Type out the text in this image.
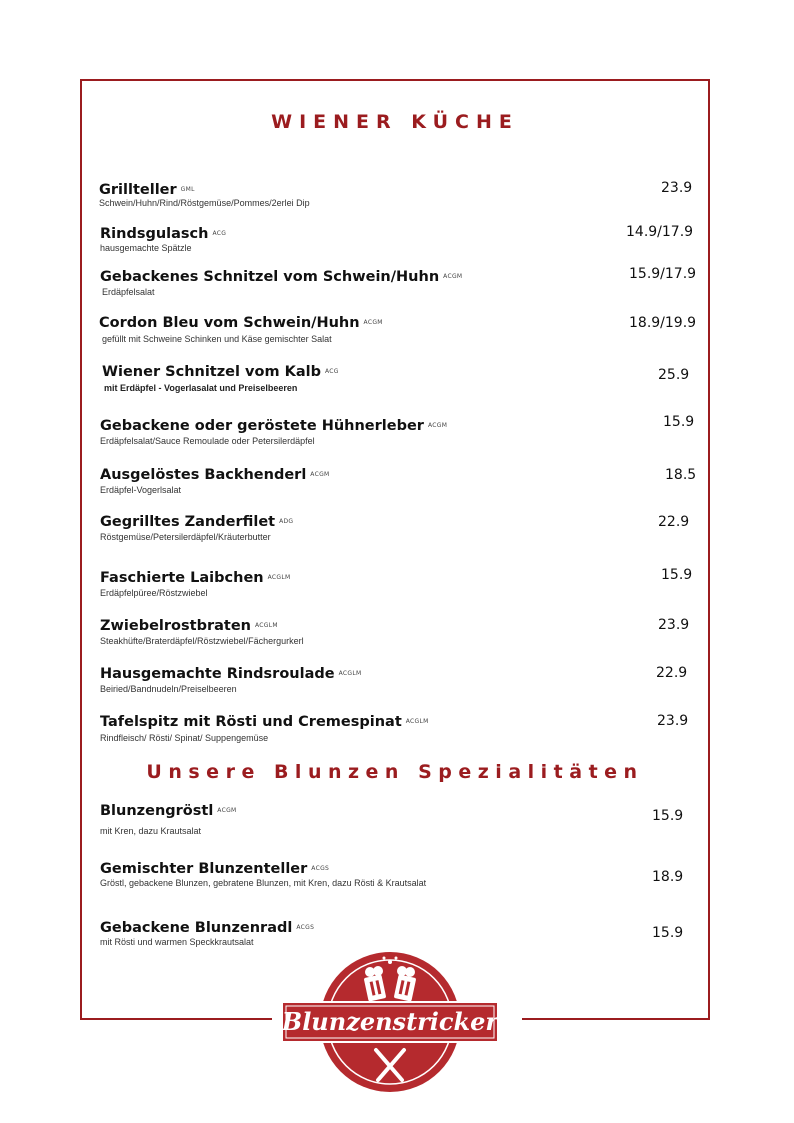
WIENER KÜCHE
Grillteller $^{GML}$
Schwein/Huhn/Rind/Röstgemüse/Pommes/2erlei Dip
23.9
Rindsgulasch $^{ACG}$
hausgemachte Spätzle
14.9/17.9
Gebackenes Schnitzel vom Schwein/Huhn $^{ACGM}$
Erdäpfelsalat
15.9/17.9
Cordon Bleu vom Schwein/Huhn $^{ACGM}$
gefüllt mit Schweine Schinken und Käse gemischter Salat
18.9/19.9
Wiener Schnitzel vom Kalb $^{ACG}$
mit Erdäpfel - Vogerlasalat und Preiselbeeren
25.9
Gebackene oder geröstete Hühnerleber $^{ACGM}$
Erdäpfelsalat/Sauce Remoulade oder Petersilerdäpfel
15.9
Ausgelöstes Backhenderl $^{ACGM}$
Erdäpfel-Vogerlsalat
18.5
Gegrilltes Zanderfilet $^{ADG}$
Röstgemüse/Petersilerdäpfel/Kräuterbutter
22.9
Faschierte Laibchen $^{ACGLM}$
Erdäpfelpüree/Röstzwiebel
15.9
Zwiebelrostbraten $^{ACGLM}$
Steakhüfte/Braterdäpfel/Röstzwiebel/Fächergurkerl
23.9
Hausgemachte Rindsroulade $^{ACGLM}$
Beiried/Bandnudeln/Preiselbeeren
22.9
Tafelspitz mit Rösti und Cremespinat $^{ACGLM}$
Rindfleisch/ Rösti/ Spinat/ Suppengemüse
23.9
Unsere Blunzen Spezialitäten
Blunzengröstl $^{ACGM}$
mit Kren, dazu Krautsalat
15.9
Gemischter Blunzenteller $^{ACGS}$
Gröstl, gebackene Blunzen, gebratene Blunzen, mit Kren, dazu Rösti & Krautsalat	18.9
Gebackene Blunzenradl $^{ACGS}$
mit Rösti und warmen Speckkrautsalat
15.9
Blunzenstricker
